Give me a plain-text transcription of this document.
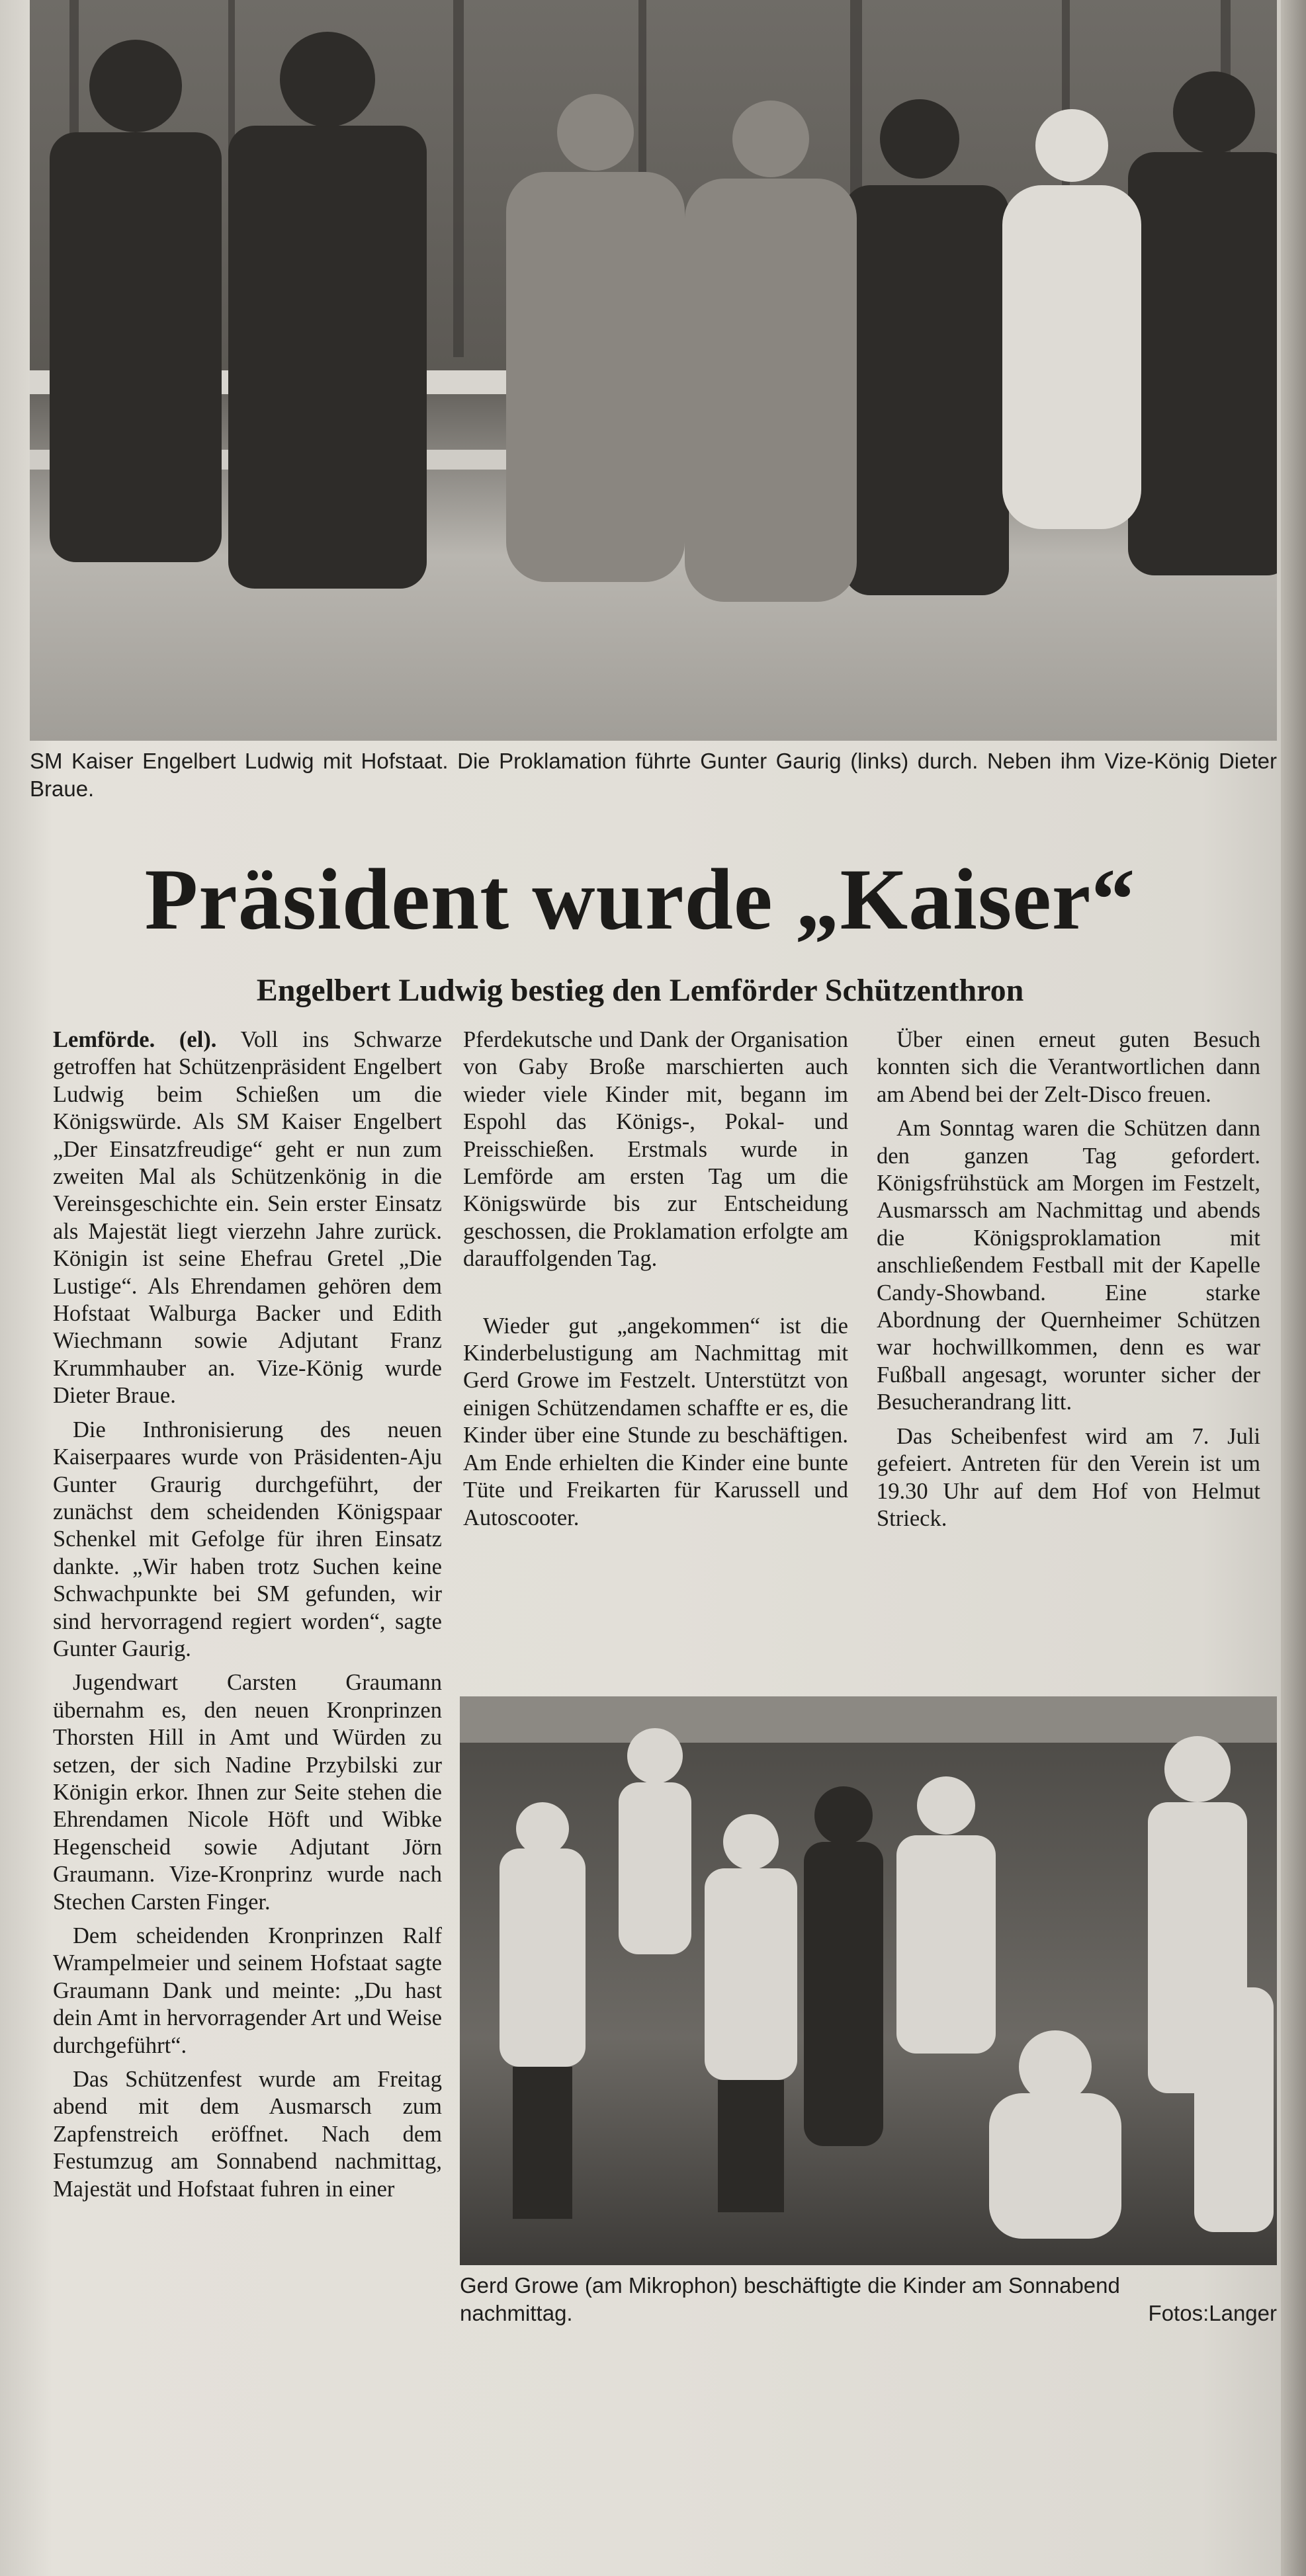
SM Kaiser Engelbert Ludwig mit Hofstaat. Die Proklamation führte Gunter Gaurig (links) durch. Neben ihm Vize-König Dieter Braue.

Präsident wurde „Kaiser“
Engelbert Ludwig bestieg den Lemförder Schützenthron

Lemförde. (el). Voll ins Schwarze getroffen hat Schützenpräsident Engelbert Ludwig beim Schießen um die Königswürde. Als SM Kaiser Engelbert „Der Einsatzfreudige“ geht er nun zum zweiten Mal als Schützenkönig in die Vereinsgeschichte ein. Sein erster Einsatz als Majestät liegt vierzehn Jahre zurück. Königin ist seine Ehefrau Gretel „Die Lustige“. Als Ehrendamen gehören dem Hofstaat Walburga Backer und Edith Wiechmann sowie Adjutant Franz Krummhauber an. Vize-König wurde Dieter Braue.

Die Inthronisierung des neuen Kaiserpaares wurde von Präsidenten-Aju Gunter Graurig durchgeführt, der zunächst dem scheidenden Königspaar Schenkel mit Gefolge für ihren Einsatz dankte. „Wir haben trotz Suchen keine Schwachpunkte bei SM gefunden, wir sind hervorragend regiert worden“, sagte Gunter Gaurig.

Jugendwart Carsten Graumann übernahm es, den neuen Kronprinzen Thorsten Hill in Amt und Würden zu setzen, der sich Nadine Przybilski zur Königin erkor. Ihnen zur Seite stehen die Ehrendamen Nicole Höft und Wibke Hegenscheid sowie Adjutant Jörn Graumann. Vize-Kronprinz wurde nach Stechen Carsten Finger.

Dem scheidenden Kronprinzen Ralf Wrampelmeier und seinem Hofstaat sagte Graumann Dank und meinte: „Du hast dein Amt in hervorragender Art und Weise durchgeführt“.

Das Schützenfest wurde am Freitag abend mit dem Ausmarsch zum Zapfenstreich eröffnet. Nach dem Festumzug am Sonnabend nachmittag, Majestät und Hofstaat fuhren in einer

Pferdekutsche und Dank der Organisation von Gaby Broße marschierten auch wieder viele Kinder mit, begann im Espohl das Königs-, Pokal- und Preisschießen. Erstmals wurde in Lemförde am ersten Tag um die Königswürde bis zur Entscheidung geschossen, die Proklamation erfolgte am darauffolgenden Tag.

Wieder gut „angekommen“ ist die Kinderbelustigung am Nachmittag mit Gerd Growe im Festzelt. Unterstützt von einigen Schützendamen schaffte er es, die Kinder über eine Stunde zu beschäftigen. Am Ende erhielten die Kinder eine bunte Tüte und Freikarten für Karussell und Autoscooter.

Über einen erneut guten Besuch konnten sich die Verantwortlichen dann am Abend bei der Zelt-Disco freuen.

Am Sonntag waren die Schützen dann den ganzen Tag gefordert. Königsfrühstück am Morgen im Festzelt, Ausmarssch am Nachmittag und abends die Königsproklamation mit anschließendem Festball mit der Kapelle Candy-Showband. Eine starke Abordnung der Quernheimer Schützen war hochwillkommen, denn es war Fußball angesagt, worunter sicher der Besucherandrang litt.

Das Scheibenfest wird am 7. Juli gefeiert. Antreten für den Verein ist um 19.30 Uhr auf dem Hof von Helmut Strieck.

Gerd Growe (am Mikrophon) beschäftigte die Kinder am Sonnabend nachmittag.	Fotos:Langer
